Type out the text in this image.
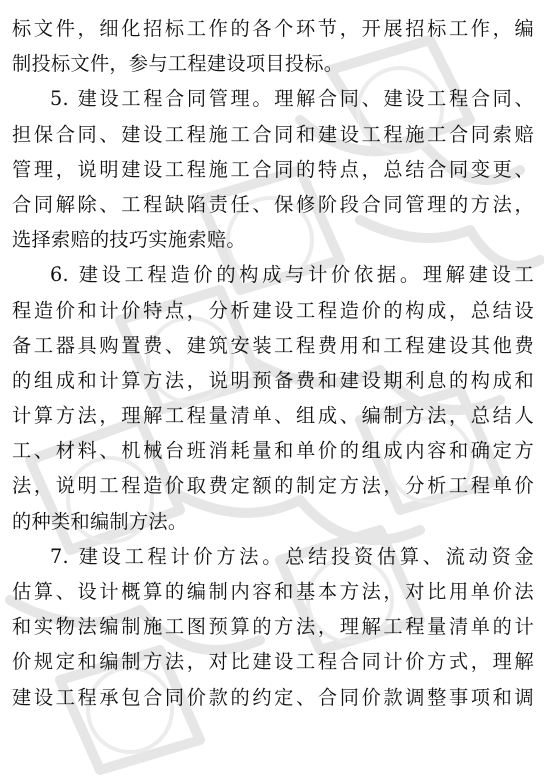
标文件，细化招标工作的各个环节，开展招标工作，编
制投标文件，参与工程建设项目投标。
5. 建设工程合同管理。理解合同、建设工程合同、
担保合同、建设工程施工合同和建设工程施工合同索赔
管理，说明建设工程施工合同的特点，总结合同变更、
合同解除、工程缺陷责任、保修阶段合同管理的方法，
选择索赔的技巧实施索赔。
6. 建设工程造价的构成与计价依据。理解建设工
程造价和计价特点，分析建设工程造价的构成，总结设
备工器具购置费、建筑安装工程费用和工程建设其他费
的组成和计算方法，说明预备费和建设期利息的构成和
计算方法，理解工程量清单、组成、编制方法，总结人
工、材料、机械台班消耗量和单价的组成内容和确定方
法，说明工程造价取费定额的制定方法，分析工程单价
的种类和编制方法。
7. 建设工程计价方法。总结投资估算、流动资金
估算、设计概算的编制内容和基本方法，对比用单价法
和实物法编制施工图预算的方法，理解工程量清单的计
价规定和编制方法，对比建设工程合同计价方式，理解
建设工程承包合同价款的约定、合同价款调整事项和调
